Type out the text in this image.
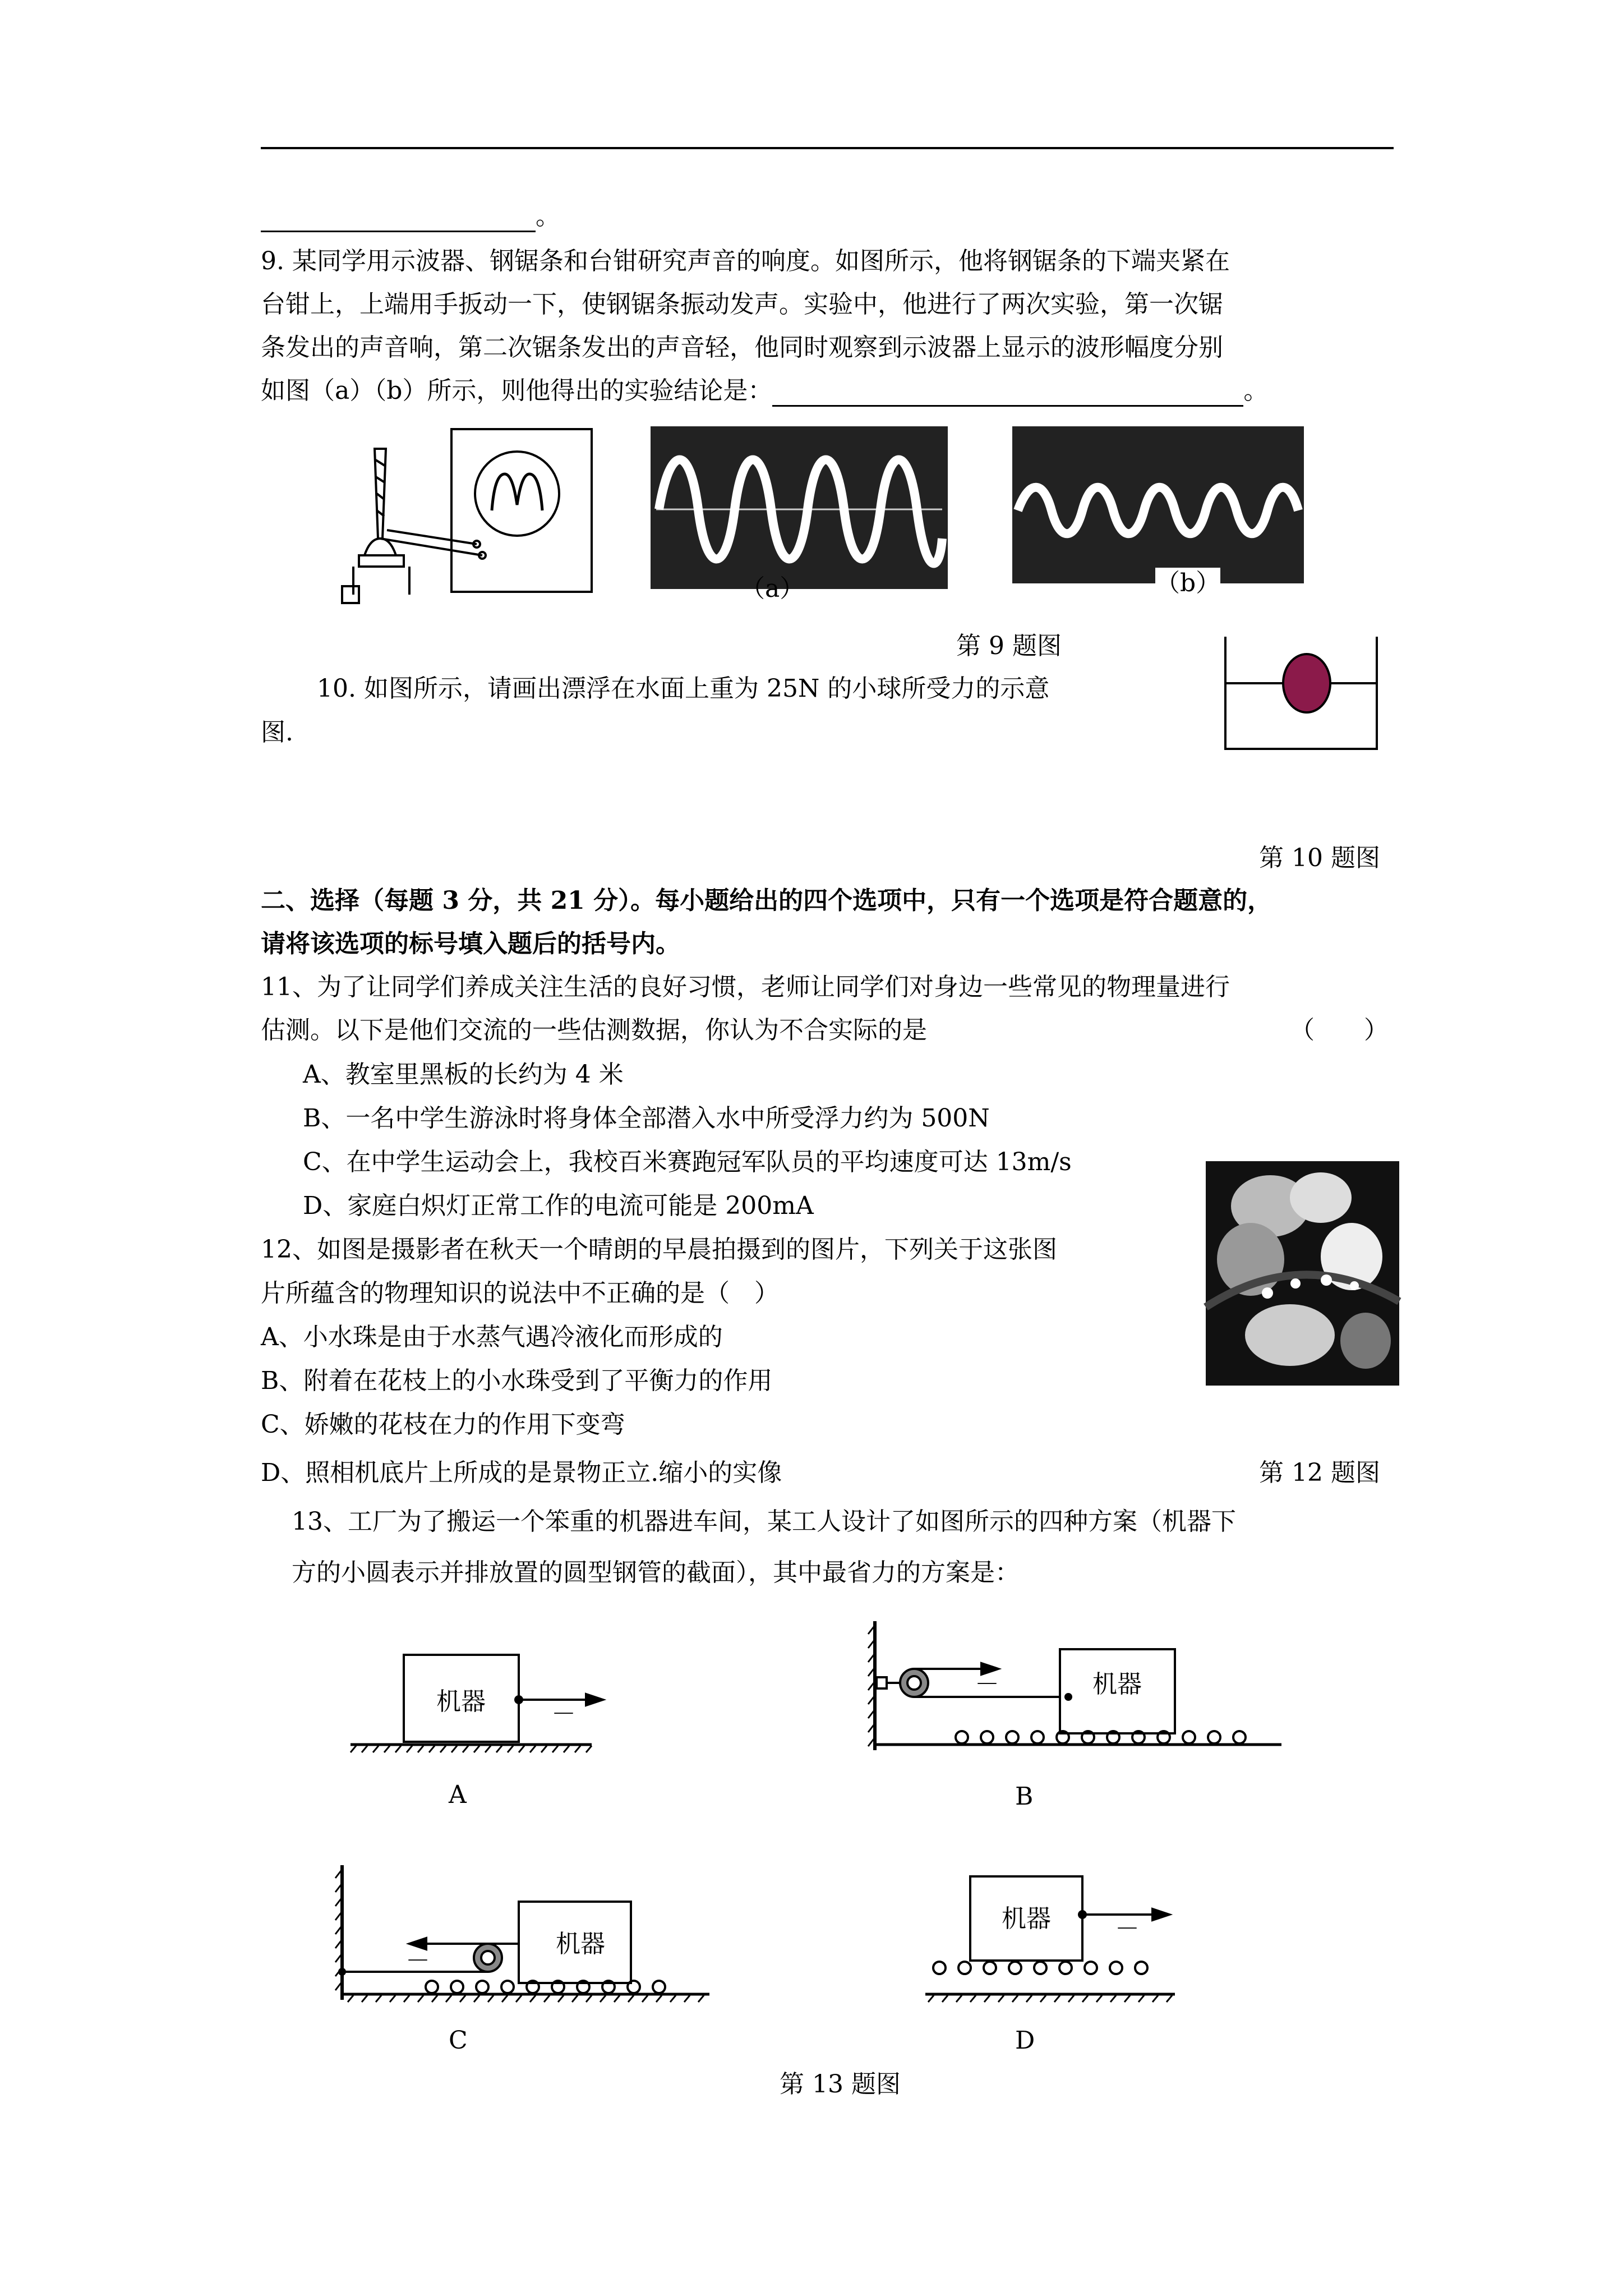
。
9. 某同学用示波器、钢锯条和台钳研究声音的响度。如图所示，他将钢锯条的下端夹紧在
台钳上，上端用手扳动一下，使钢锯条振动发声。实验中，他进行了两次实验，第一次锯
条发出的声音响，第二次锯条发出的声音轻，他同时观察到示波器上显示的波形幅度分别
如图（a）（b）所示，则他得出的实验结论是：	。
（a）	（b）
第 9 题图
10. 如图所示，请画出漂浮在水面上重为 25N 的小球所受力的示意
图.
第 10 题图
二、选择（每题 3 分，共 21 分）。每小题给出的四个选项中，只有一个选项是符合题意的，
请将该选项的标号填入题后的括号内。
11、为了让同学们养成关注生活的良好习惯，老师让同学们对身边一些常见的物理量进行
估测。以下是他们交流的一些估测数据，你认为不合实际的是	（　　）
A、教室里黑板的长约为 4 米
B、一名中学生游泳时将身体全部潜入水中所受浮力约为 500N
C、在中学生运动会上，我校百米赛跑冠军队员的平均速度可达 13m/s
D、家庭白炽灯正常工作的电流可能是 200mA
12、如图是摄影者在秋天一个晴朗的早晨拍摄到的图片，下列关于这张图
片所蕴含的物理知识的说法中不正确的是（　）
A、小水珠是由于水蒸气遇冷液化而形成的
B、附着在花枝上的小水珠受到了平衡力的作用
C、娇嫩的花枝在力的作用下变弯
D、照相机底片上所成的是景物正立.缩小的实像	第 12 题图
13、工厂为了搬运一个笨重的机器进车间，某工人设计了如图所示的四种方案（机器下
方的小圆表示并排放置的圆型钢管的截面），其中最省力的方案是：
机器	－
A
机器
－
B
机器
－
C
机器	－
D
第 13 题图
